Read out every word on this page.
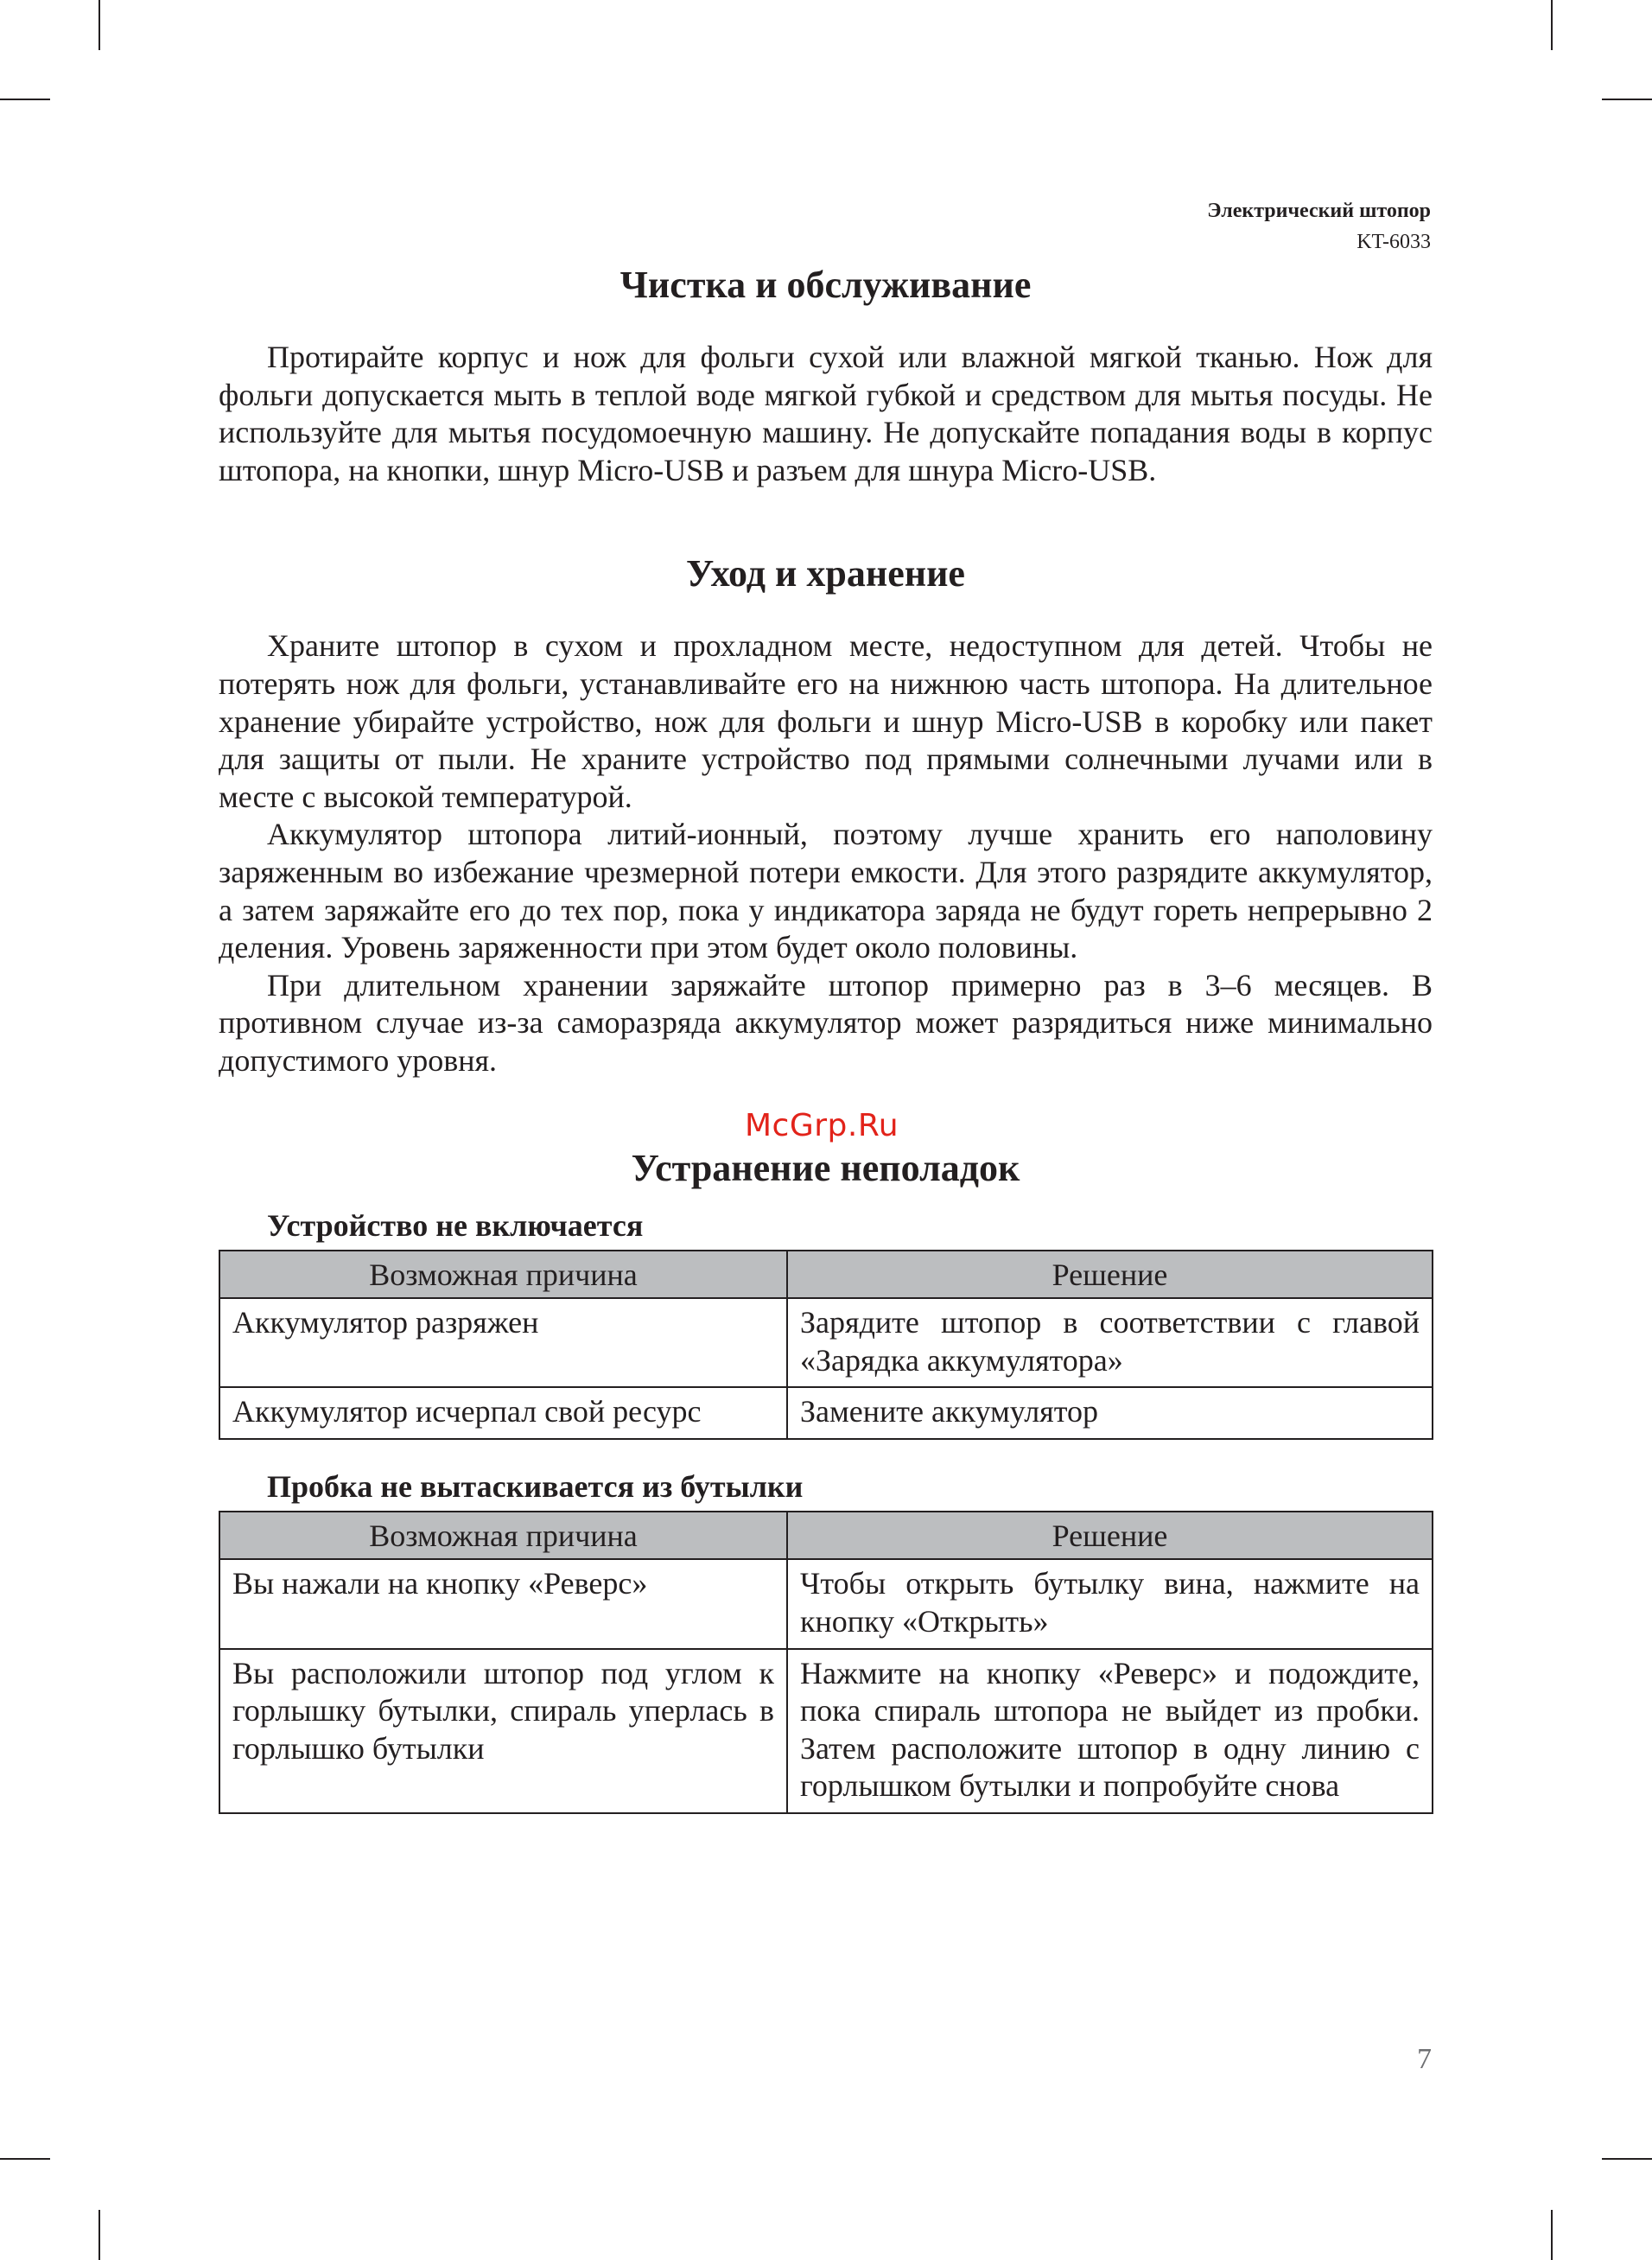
Электрический штопор
KT-6033
Чистка и обслуживание

Протирайте корпус и нож для фольги сухой или влажной мягкой тканью. Нож для фольги допускается мыть в теплой воде мягкой губкой и средством для мытья посуды. Не используйте для мытья посудомоечную машину. Не допускайте попадания воды в корпус штопора, на кнопки, шнур Micro-USB и разъем для шнура Micro-USB.

Уход и хранение

Храните штопор в сухом и прохладном месте, недоступном для детей. Чтобы не потерять нож для фольги, устанавливайте его на нижнюю часть штопора. На длительное хранение убирайте устройство, нож для фольги и шнур Micro-USB в коробку или пакет для защиты от пыли. Не храните устройство под прямыми солнечными лучами или в месте с высокой температурой.

Аккумулятор штопора литий-ионный, поэтому лучше хранить его наполовину заряженным во избежание чрезмерной потери емкости. Для этого разрядите аккумулятор, а затем заряжайте его до тех пор, пока у индикатора заряда не будут гореть непрерывно 2 деления. Уровень заряженности при этом будет около половины.

При длительном хранении заряжайте штопор примерно раз в 3–6 месяцев. В противном случае из-за саморазряда аккумулятор может разрядиться ниже минимально допустимого уровня.

Устранение неполадок
Устройство не включается
Возможная причина	Решение
Аккумулятор разряжен	Зарядите штопор в соответствии с главой «Зарядка аккумулятора»
Аккумулятор исчерпал свой ресурс	Замените аккумулятор
Пробка не вытаскивается из бутылки
Возможная причина	Решение
Вы нажали на кнопку «Реверс»	Чтобы открыть бутылку вина, нажмите на кнопку «Открыть»
Вы расположили штопор под углом к горлышку бутылки, спираль уперлась в горлышко бутылки	Нажмите на кнопку «Реверс» и подождите, пока спираль штопора не выйдет из пробки. Затем расположите штопор в одну линию с горлышком бутылки и попробуйте снова
McGrp.Ru
7
